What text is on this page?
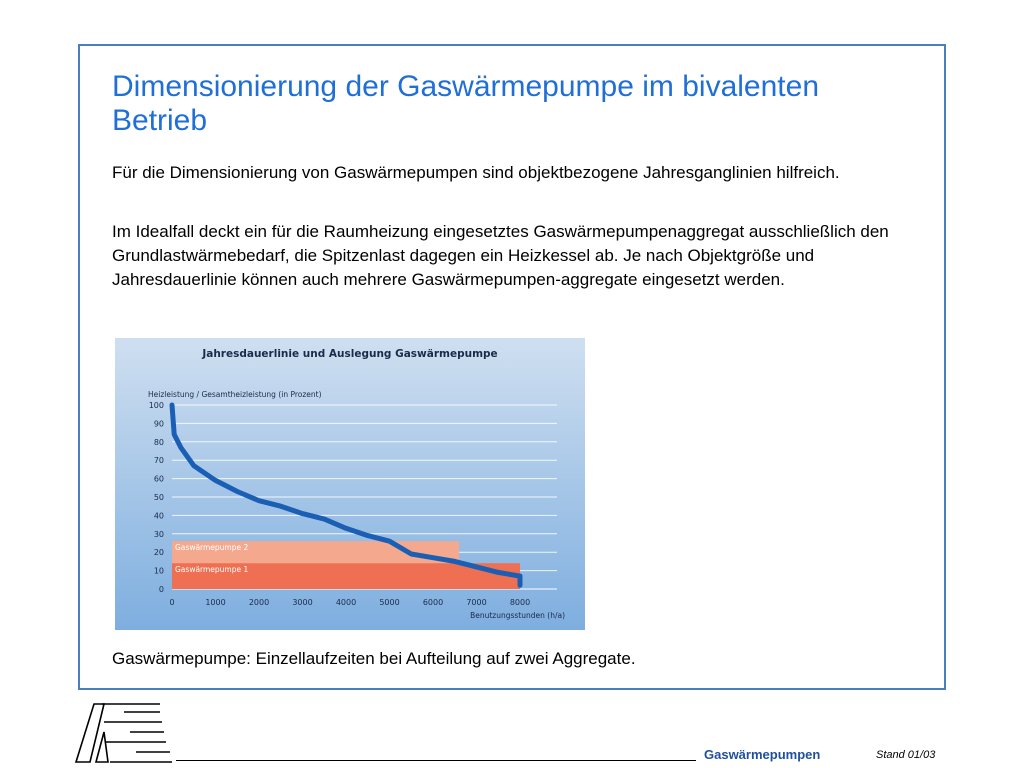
Dimensionierung der Gaswärmepumpe im bivalenten Betrieb

Für die Dimensionierung von Gaswärmepumpen sind objektbezogene Jahresganglinien hilfreich.

Im Idealfall deckt ein für die Raumheizung eingesetztes Gaswärmepumpenaggregat ausschließlich den Grundlastwärmebedarf, die Spitzenlast dagegen ein Heizkessel ab. Je nach Objektgröße und Jahresdauerlinie können auch mehrere Gaswärmepumpen-aggregate eingesetzt werden.

Jahresdauerlinie und Auslegung Gaswärmepumpe
Heizleistung / Gesamtheizleistung (in Prozent)
Benutzungsstunden (h/a)
Gaswärmepumpe 2
Gaswärmepumpe 1
0
10
20
30
40
50
60
70
80
90
100
0	1000	2000	3000	4000	5000	6000	7000	8000

Gaswärmepumpe: Einzellaufzeiten bei Aufteilung auf zwei Aggregate.

Gaswärmepumpen	Stand 01/03
